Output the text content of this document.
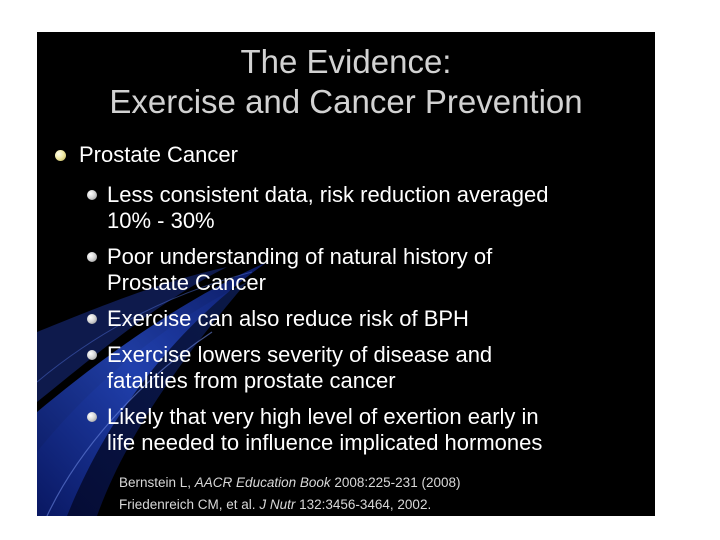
The Evidence:
Exercise and Cancer Prevention
Prostate Cancer
Less consistent data, risk reduction averaged
10% - 30%
Poor understanding of natural history of
Prostate Cancer
Exercise can also reduce risk of BPH
Exercise lowers severity of disease and
fatalities from prostate cancer
Likely that very high level of exertion early in
life needed to influence implicated hormones
Bernstein L, AACR Education Book 2008:225-231 (2008)
Friedenreich CM, et al. J Nutr 132:3456-3464, 2002.
